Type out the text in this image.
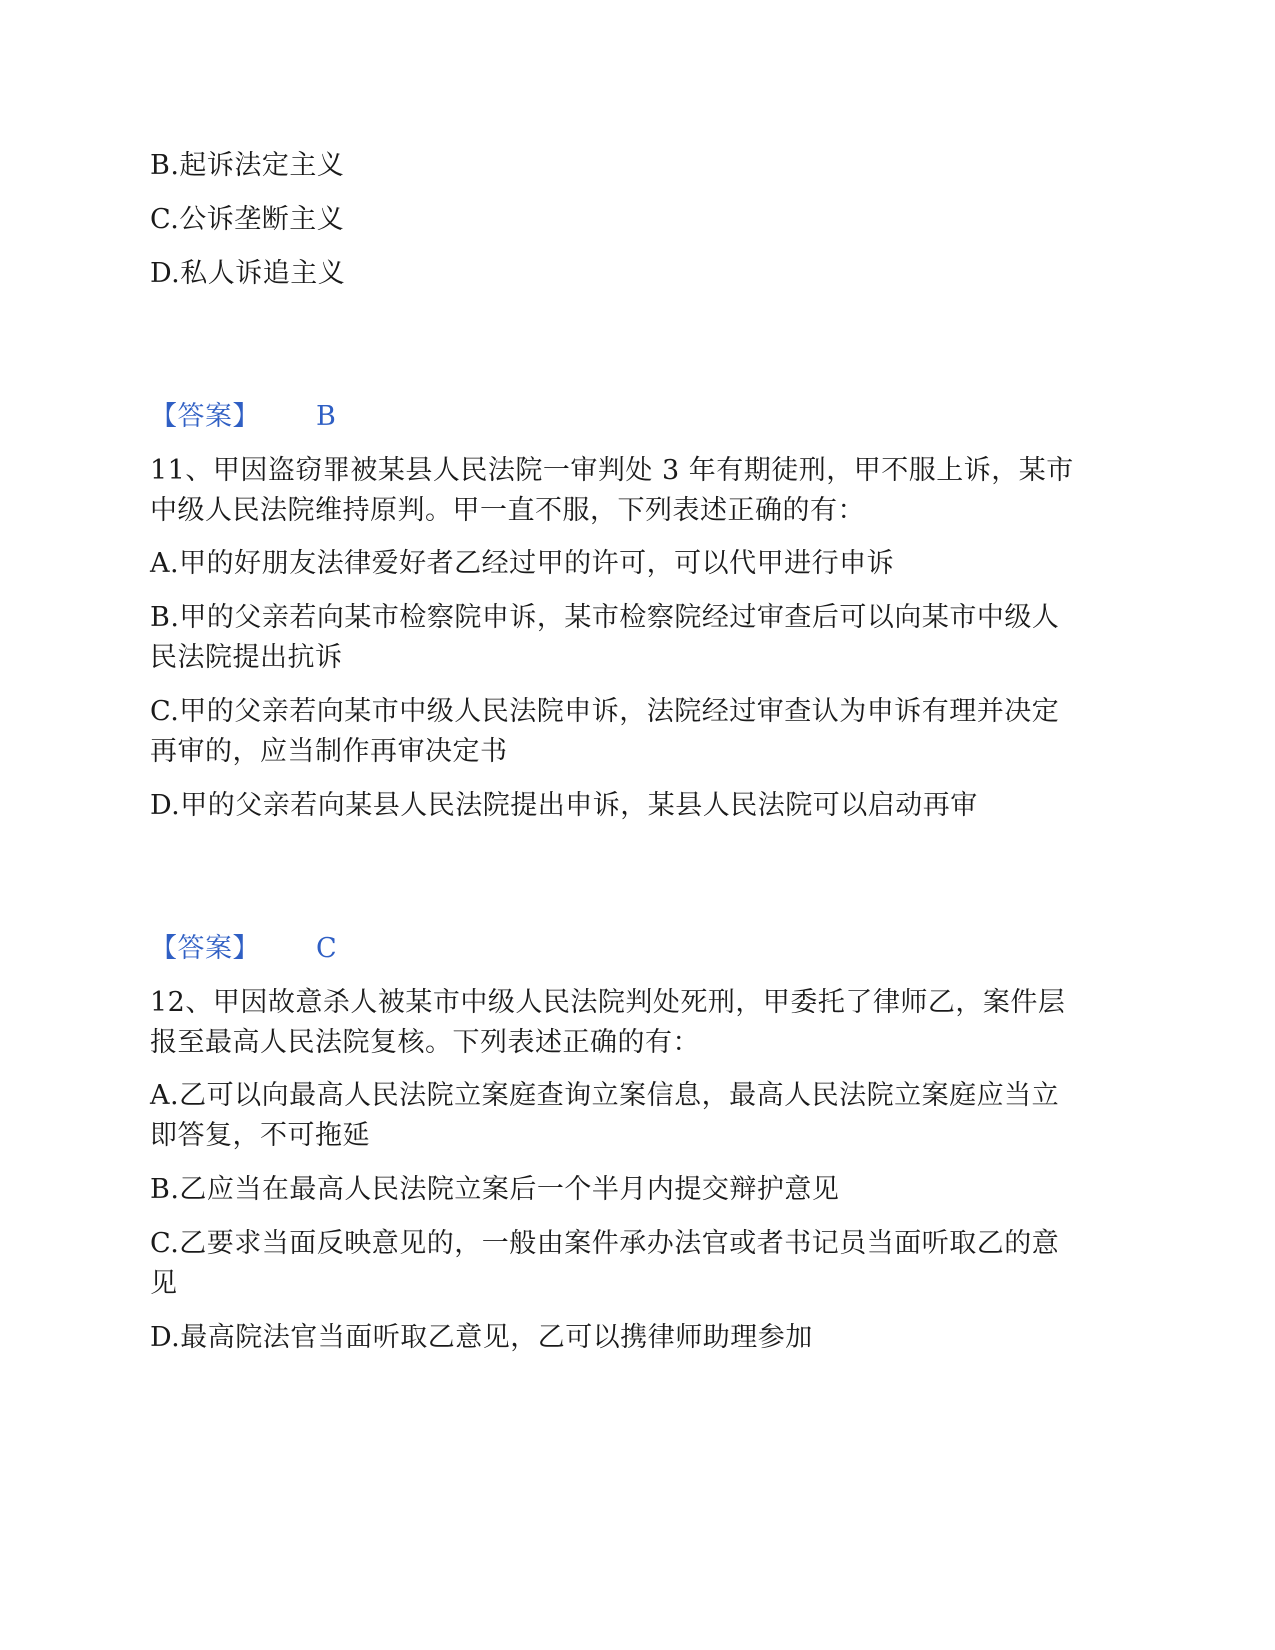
B.起诉法定主义
C.公诉垄断主义
D.私人诉追主义
【答案】 B
11、甲因盗窃罪被某县人民法院一审判处 3 年有期徒刑，甲不服上诉，某市
中级人民法院维持原判。甲一直不服，下列表述正确的有：
A.甲的好朋友法律爱好者乙经过甲的许可，可以代甲进行申诉
B.甲的父亲若向某市检察院申诉，某市检察院经过审查后可以向某市中级人
民法院提出抗诉
C.甲的父亲若向某市中级人民法院申诉，法院经过审查认为申诉有理并决定
再审的，应当制作再审决定书
D.甲的父亲若向某县人民法院提出申诉，某县人民法院可以启动再审
【答案】 C
12、甲因故意杀人被某市中级人民法院判处死刑，甲委托了律师乙，案件层
报至最高人民法院复核。下列表述正确的有：
A.乙可以向最高人民法院立案庭查询立案信息，最高人民法院立案庭应当立
即答复，不可拖延
B.乙应当在最高人民法院立案后一个半月内提交辩护意见
C.乙要求当面反映意见的，一般由案件承办法官或者书记员当面听取乙的意
见
D.最高院法官当面听取乙意见，乙可以携律师助理参加
